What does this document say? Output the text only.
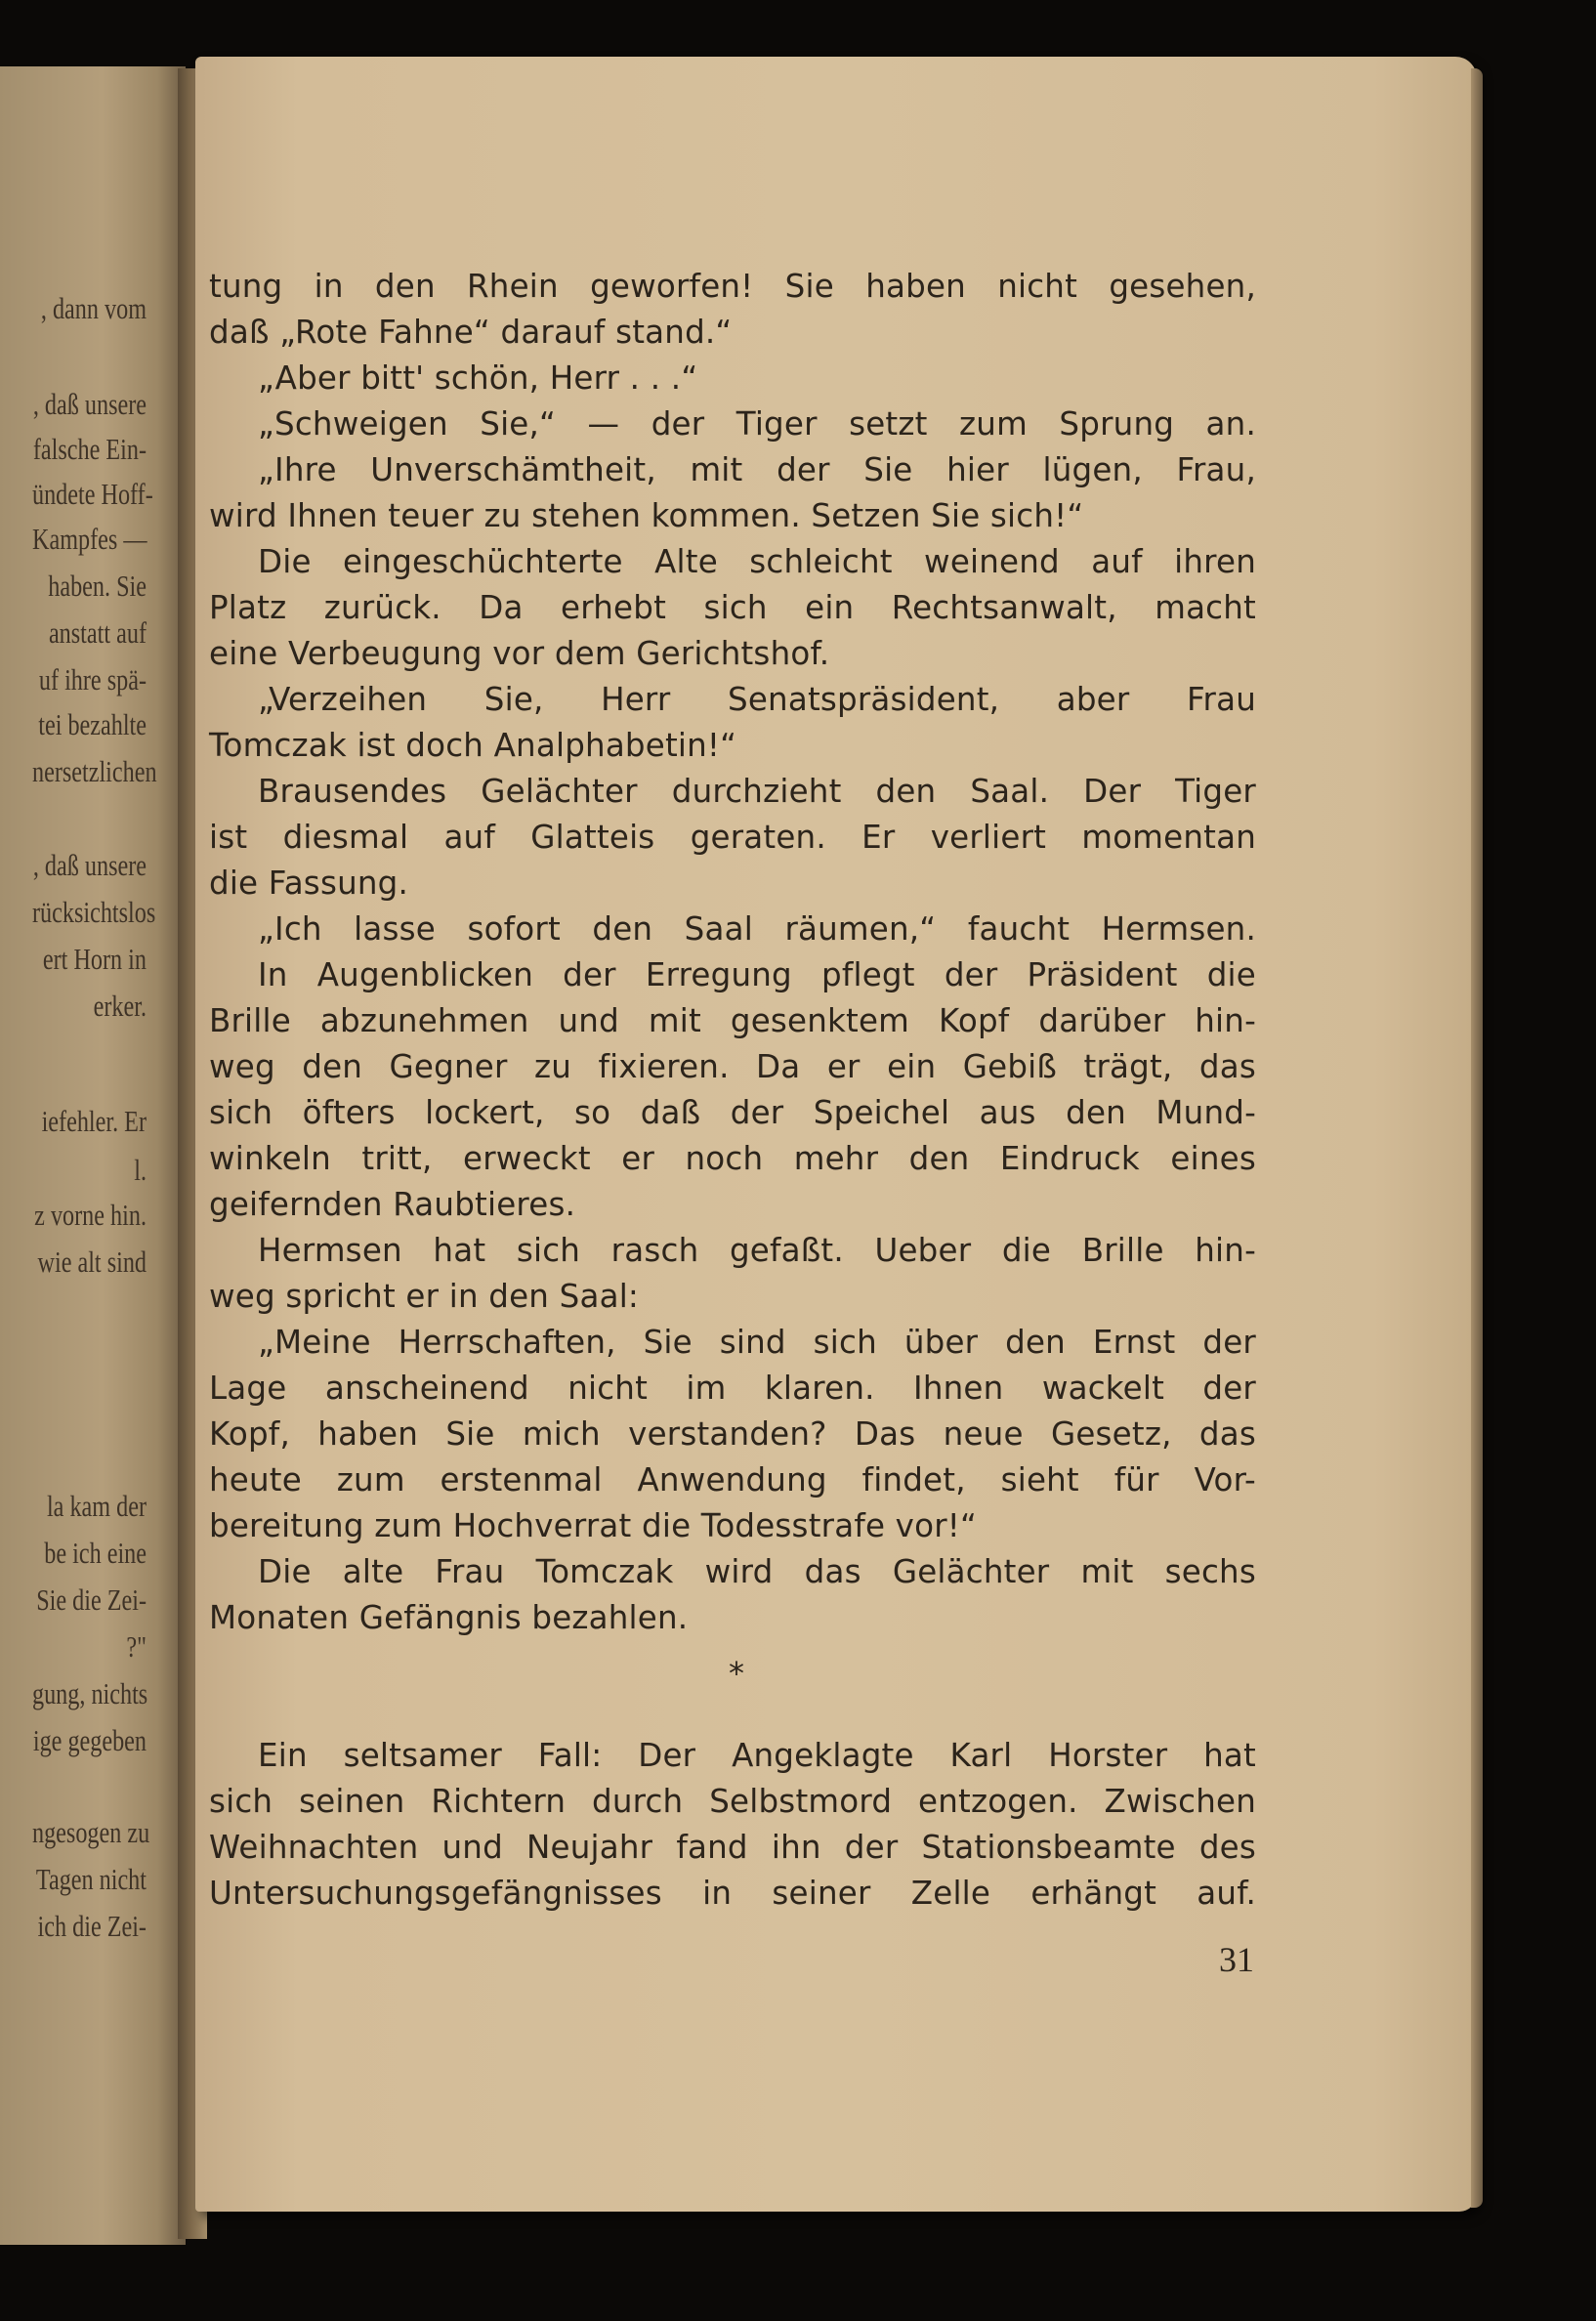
, dann vom
, daß unsere
falsche Ein-
ündete Hoff-
Kampfes —
haben. Sie
anstatt auf
uf ihre spä-
tei bezahlte
nersetzlichen
, daß unsere
rücksichtslos
ert Horn in
erker.
iefehler. Er
l.
z vorne hin.
wie alt sind
la kam der
be ich eine
Sie die Zei-
?"
gung, nichts
ige gegeben
ngesogen zu
Tagen nicht
ich die Zei-
tung in den Rhein geworfen! Sie haben nicht gesehen,
daß „Rote Fahne“ darauf stand.“
„Aber bitt' schön, Herr . . .“
„Schweigen Sie,“ — der Tiger setzt zum Sprung an.
„Ihre Unverschämtheit, mit der Sie hier lügen, Frau,
wird Ihnen teuer zu stehen kommen. Setzen Sie sich!“
Die eingeschüchterte Alte schleicht weinend auf ihren
Platz zurück. Da erhebt sich ein Rechtsanwalt, macht
eine Verbeugung vor dem Gerichtshof.
„Verzeihen Sie, Herr Senatspräsident, aber Frau
Tomczak ist doch Analphabetin!“
Brausendes Gelächter durchzieht den Saal. Der Tiger
ist diesmal auf Glatteis geraten. Er verliert momentan
die Fassung.
„Ich lasse sofort den Saal räumen,“ faucht Hermsen.
In Augenblicken der Erregung pflegt der Präsident die
Brille abzunehmen und mit gesenktem Kopf darüber hin-
weg den Gegner zu fixieren. Da er ein Gebiß trägt, das
sich öfters lockert, so daß der Speichel aus den Mund-
winkeln tritt, erweckt er noch mehr den Eindruck eines
geifernden Raubtieres.
Hermsen hat sich rasch gefaßt. Ueber die Brille hin-
weg spricht er in den Saal:
„Meine Herrschaften, Sie sind sich über den Ernst der
Lage anscheinend nicht im klaren. Ihnen wackelt der
Kopf, haben Sie mich verstanden? Das neue Gesetz, das
heute zum erstenmal Anwendung findet, sieht für Vor-
bereitung zum Hochverrat die Todesstrafe vor!“
Die alte Frau Tomczak wird das Gelächter mit sechs
Monaten Gefängnis bezahlen.
Ein seltsamer Fall: Der Angeklagte Karl Horster hat
sich seinen Richtern durch Selbstmord entzogen. Zwischen
Weihnachten und Neujahr fand ihn der Stationsbeamte des
Untersuchungsgefängnisses in seiner Zelle erhängt auf.
*
31
